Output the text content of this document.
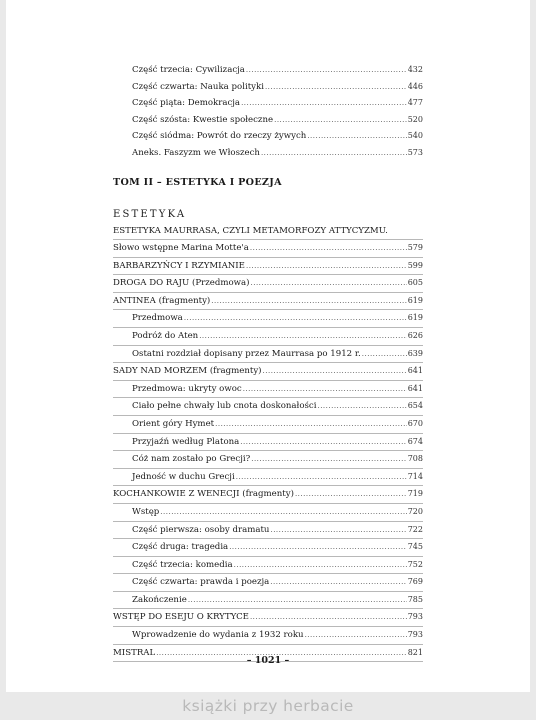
Część trzecia: Cywilizacja .....	432
Część czwarta: Nauka polityki .....	446
Część piąta: Demokracja .....	477
Część szósta: Kwestie społeczne .....	520
Część siódma: Powrót do rzeczy żywych .....	540
Aneks. Faszyzm we Włoszech .....	573
TOM II – ESTETYKA I POEZJA
ESTETYKA
ESTETYKA MAURRASA, CZYLI METAMORFOZY ATTYCYZMU.
Słowo wstępne Marina Motte'a .....	579
BARBARZYŃCY I RZYMIANIE .....	599
DROGA DO RAJU (Przedmowa) .....	605
ANTINEA (fragmenty) .....	619
Przedmowa .....	619
Podróż do Aten .....	626
Ostatni rozdział dopisany przez Maurrasa po 1912 r. .....	639
SADY NAD MORZEM (fragmenty) .....	641
Przedmowa: ukryty owoc .....	641
Ciało pełne chwały lub cnota doskonałości .....	654
Orient góry Hymet .....	670
Przyjaźń według Platona .....	674
Cóż nam zostało po Grecji? .....	708
Jedność w duchu Grecji .....	714
KOCHANKOWIE Z WENECJI (fragmenty) .....	719
Wstęp .....	720
Część pierwsza: osoby dramatu .....	722
Część druga: tragedia .....	745
Część trzecia: komedia .....	752
Część czwarta: prawda i poezja .....	769
Zakończenie .....	785
WSTĘP DO ESEJU O KRYTYCE .....	793
Wprowadzenie do wydania z 1932 roku .....	793
MISTRAL .....	821
– 1021 –
książki przy herbacie
